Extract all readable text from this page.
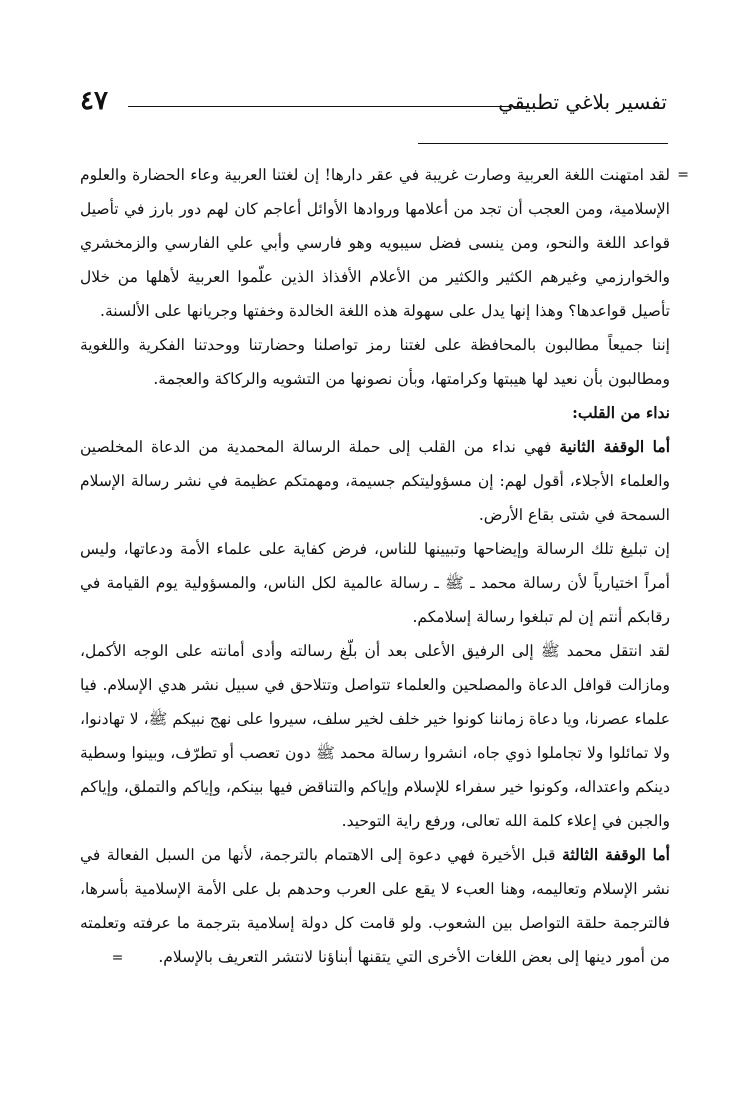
تفسير بلاغي تطبيقي
٤٧

=
لقد امتهنت اللغة العربية وصارت غريبة في عقر دارها! إن لغتنا العربية وعاء الحضارة والعلوم الإسلامية، ومن العجب أن تجد من أعلامها وروادها الأوائل أعاجم كان لهم دور بارز في تأصيل قواعد اللغة والنحو، ومن ينسى فضل سيبويه وهو فارسي وأبي علي الفارسي والزمخشري والخوارزمي وغيرهم الكثير والكثير من الأعلام الأفذاذ الذين علّموا العربية لأهلها من خلال تأصيل قواعدها؟ وهذا إنها يدل على سهولة هذه اللغة الخالدة وخفتها وجريانها على الألسنة.

إننا جميعاً مطالبون بالمحافظة على لغتنا رمز تواصلنا وحضارتنا ووحدتنا الفكرية واللغوية ومطالبون بأن نعيد لها هيبتها وكرامتها، وبأن نصونها من التشويه والركاكة والعجمة.

نداء من القلب:

أما الوقفة الثانية فهي نداء من القلب إلى حملة الرسالة المحمدية من الدعاة المخلصين والعلماء الأجلاء، أقول لهم: إن مسؤوليتكم جسيمة، ومهمتكم عظيمة في نشر رسالة الإسلام السمحة في شتى بقاع الأرض.

إن تبليغ تلك الرسالة وإيضاحها وتبيينها للناس، فرض كفاية على علماء الأمة ودعاتها، وليس أمراً اختيارياً لأن رسالة محمد ـ ﷺ ـ رسالة عالمية لكل الناس، والمسؤولية يوم القيامة في رقابكم أنتم إن لم تبلغوا رسالة إسلامكم.

لقد انتقل محمد ﷺ إلى الرفيق الأعلى بعد أن بلّغ رسالته وأدى أمانته على الوجه الأكمل، ومازالت قوافل الدعاة والمصلحين والعلماء تتواصل وتتلاحق في سبيل نشر هدي الإسلام. فيا علماء عصرنا، ويا دعاة زماننا كونوا خير خلف لخير سلف، سيروا على نهج نبيكم ﷺ، لا تهادنوا، ولا تمائلوا ولا تجاملوا ذوي جاه، انشروا رسالة محمد ﷺ دون تعصب أو تطرّف، وبينوا وسطية دينكم واعتداله، وكونوا خير سفراء للإسلام وإياكم والتناقض فيها بينكم، وإياكم والتملق، وإياكم والجبن في إعلاء كلمة الله تعالى، ورفع راية التوحيد.

أما الوقفة الثالثة قبل الأخيرة فهي دعوة إلى الاهتمام بالترجمة، لأنها من السبل الفعالة في نشر الإسلام وتعاليمه، وهنا العبء لا يقع على العرب وحدهم بل على الأمة الإسلامية بأسرها، فالترجمة حلقة التواصل بين الشعوب. ولو قامت كل دولة إسلامية بترجمة ما عرفته وتعلمته من أمور دينها إلى بعض اللغات الأخرى التي يتقنها أبناؤنا لانتشر التعريف بالإسلام. =
